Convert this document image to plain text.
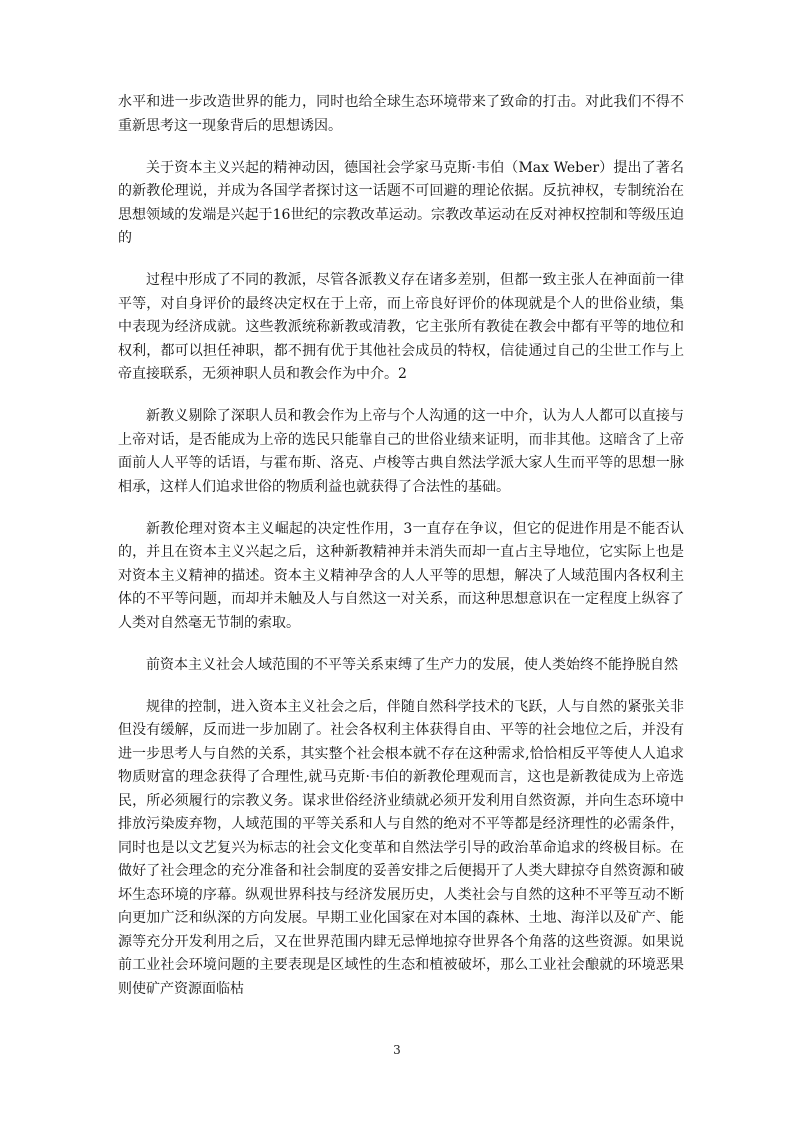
水平和进一步改造世界的能力，同时也给全球生态环境带来了致命的打击。对此我们不得不重新思考这一现象背后的思想诱因。

关于资本主义兴起的精神动因，德国社会学家马克斯·韦伯（Max Weber）提出了著名的新教伦理说，并成为各国学者探讨这一话题不可回避的理论依据。反抗神权，专制统治在思想领域的发端是兴起于16世纪的宗教改革运动。宗教改革运动在反对神权控制和等级压迫的

过程中形成了不同的教派，尽管各派教义存在诸多差别，但都一致主张人在神面前一律平等，对自身评价的最终决定权在于上帝，而上帝良好评价的体现就是个人的世俗业绩，集中表现为经济成就。这些教派统称新教或清教，它主张所有教徒在教会中都有平等的地位和权利，都可以担任神职，都不拥有优于其他社会成员的特权，信徒通过自己的尘世工作与上帝直接联系，无须神职人员和教会作为中介。2

新教义剔除了深职人员和教会作为上帝与个人沟通的这一中介，认为人人都可以直接与上帝对话，是否能成为上帝的选民只能靠自己的世俗业绩来证明，而非其他。这暗含了上帝面前人人平等的话语，与霍布斯、洛克、卢梭等古典自然法学派大家人生而平等的思想一脉相承，这样人们追求世俗的物质利益也就获得了合法性的基础。

新教伦理对资本主义崛起的决定性作用，3一直存在争议，但它的促进作用是不能否认的，并且在资本主义兴起之后，这种新教精神并未消失而却一直占主导地位，它实际上也是对资本主义精神的描述。资本主义精神孕含的人人平等的思想，解决了人域范围内各权利主体的不平等问题，而却并未触及人与自然这一对关系，而这种思想意识在一定程度上纵容了人类对自然毫无节制的索取。

前资本主义社会人域范围的不平等关系束缚了生产力的发展，使人类始终不能挣脱自然

规律的控制，进入资本主义社会之后，伴随自然科学技术的飞跃，人与自然的紧张关非但没有缓解，反而进一步加剧了。社会各权利主体获得自由、平等的社会地位之后，并没有进一步思考人与自然的关系，其实整个社会根本就不存在这种需求,恰恰相反平等使人人追求物质财富的理念获得了合理性,就马克斯·韦伯的新教伦理观而言，这也是新教徒成为上帝选民，所必须履行的宗教义务。谋求世俗经济业绩就必须开发利用自然资源，并向生态环境中排放污染废弃物，人域范围的平等关系和人与自然的绝对不平等都是经济理性的必需条件，同时也是以文艺复兴为标志的社会文化变革和自然法学引导的政治革命追求的终极目标。在做好了社会理念的充分准备和社会制度的妥善安排之后便揭开了人类大肆掠夺自然资源和破坏生态环境的序幕。纵观世界科技与经济发展历史，人类社会与自然的这种不平等互动不断向更加广泛和纵深的方向发展。早期工业化国家在对本国的森林、土地、海洋以及矿产、能源等充分开发利用之后，又在世界范围内肆无忌惮地掠夺世界各个角落的这些资源。如果说前工业社会环境问题的主要表现是区域性的生态和植被破坏，那么工业社会酿就的环境恶果则使矿产资源面临枯

3
